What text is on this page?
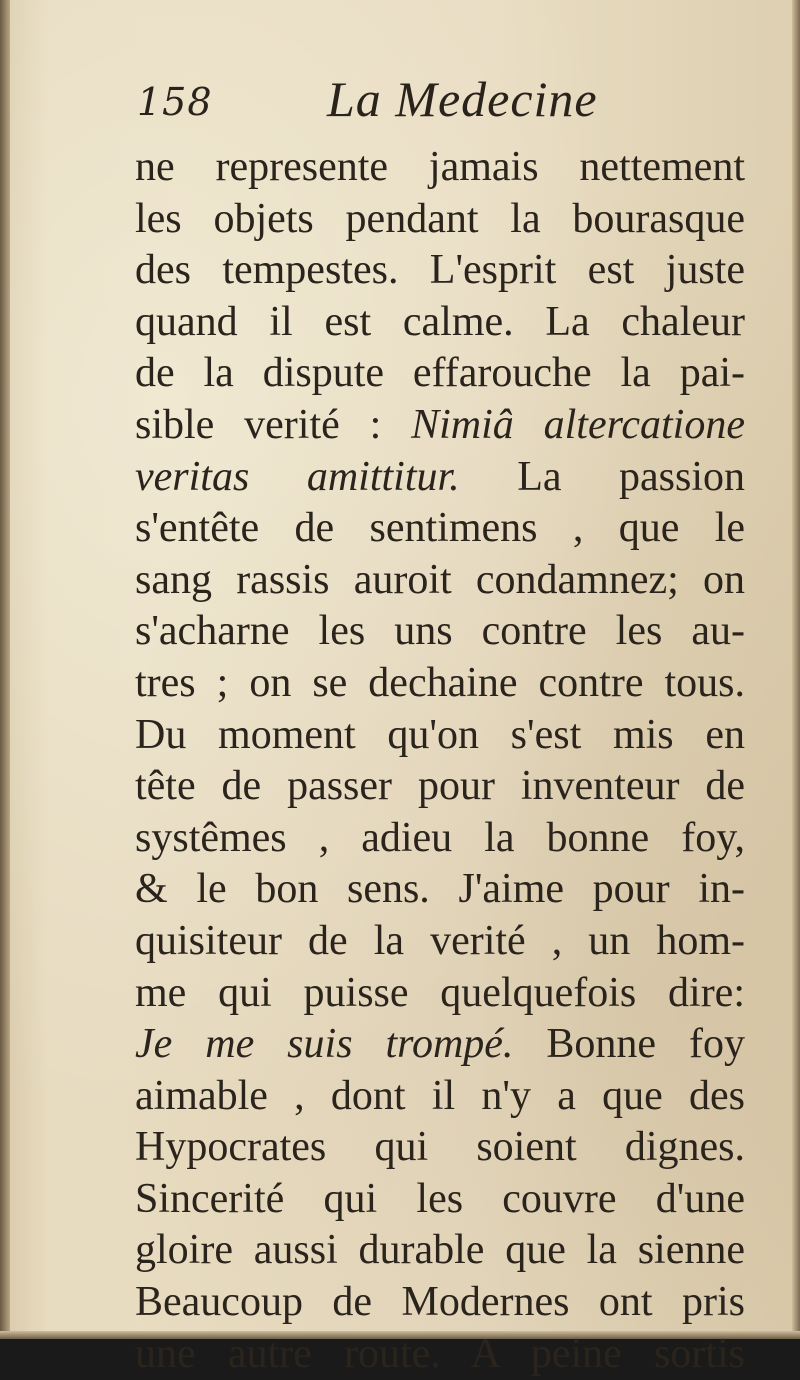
158 La Medecine
ne represente jamais nettement
les objets pendant la bourasque
des tempestes. L'esprit est juste
quand il est calme. La chaleur
de la dispute effarouche la pai-
sible verité : Nimiâ altercatione
veritas amittitur. La passion
s'entête de sentimens , que le
sang rassis auroit condamnez; on
s'acharne les uns contre les au-
tres ; on se dechaine contre tous.
Du moment qu'on s'est mis en
tête de passer pour inventeur de
systêmes , adieu la bonne foy,
& le bon sens. J'aime pour in-
quisiteur de la verité , un hom-
me qui puisse quelquefois dire:
Je me suis trompé. Bonne foy
aimable , dont il n'y a que des
Hypocrates qui soient dignes.
Sincerité qui les couvre d'une
gloire aussi durable que la sienne
Beaucoup de Modernes ont pris
une autre route. A peine sortis
